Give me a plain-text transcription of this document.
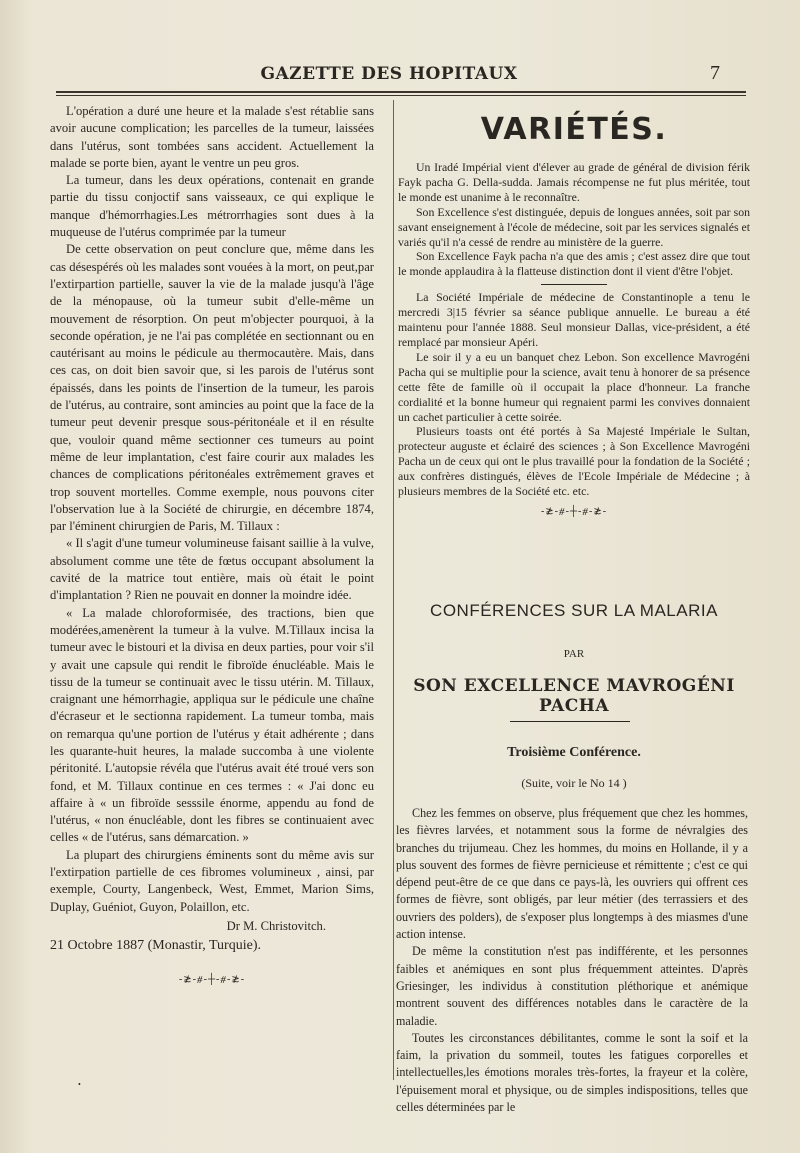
GAZETTE DES HOPITAUX	7

L'opération a duré une heure et la malade s'est rétablie sans avoir aucune complication; les parcelles de la tumeur, laissées dans l'utérus, sont tombées sans accident. Actuellement la malade se porte bien, ayant le ventre un peu gros.

La tumeur, dans les deux opérations, contenait en grande partie du tissu conjoctif sans vaisseaux, ce qui explique le manque d'hémorrhagies.Les métrorrhagies sont dues à la muqueuse de l'utérus comprimée par la tumeur

De cette observation on peut conclure que, même dans les cas désespérés où les malades sont vouées à la mort, on peut,par l'extirpartion partielle, sauver la vie de la malade jusqu'à l'âge de la ménopause, où la tumeur subit d'elle-même un mouvement de résorption. On peut m'objecter pourquoi, à la seconde opération, je ne l'ai pas complétée en sectionnant ou en cautérisant au moins le pédicule au thermocautère. Mais, dans ces cas, on doit bien savoir que, si les parois de l'utérus sont épaissés, dans les points de l'insertion de la tumeur, les parois de l'utérus, au contraire, sont amincies au point que la face de la tumeur peut devenir presque sous-péritonéale et il en résulte que, vouloir quand même sectionner ces tumeurs au point même de leur implantation, c'est faire courir aux malades les chances de complications péritonéales extrêmement graves et trop souvent mortelles. Comme exemple, nous pouvons citer l'observation lue à la Société de chirurgie, en décembre 1874, par l'éminent chirurgien de Paris, M. Tillaux :

« Il s'agit d'une tumeur volumineuse faisant saillie à la vulve, absolument comme une tête de fœtus occupant absolument la cavité de la matrice tout entière, mais où était le point d'implantation ? Rien ne pouvait en donner la moindre idée.

« La malade chloroformisée, des tractions, bien que modérées,amenèrent la tumeur à la vulve. M.Tillaux incisa la tumeur avec le bistouri et la divisa en deux parties, pour voir s'il y avait une capsule qui rendit le fibroïde énucléable. Mais le tissu de la tumeur se continuait avec le tissu utérin. M. Tillaux, craignant une hémorrhagie, appliqua sur le pédicule une chaîne d'écraseur et le sectionna rapidement. La tumeur tomba, mais on remarqua qu'une portion de l'utérus y était adhérente ; dans les quarante-huit heures, la malade succomba à une violente péritonité. L'autopsie révéla que l'utérus avait été troué vers son fond, et M. Tillaux continue en ces termes : « J'ai donc eu affaire à « un fibroïde sesssile énorme, appendu au fond de l'utérus, « non énucléable, dont les fibres se continuaient avec celles « de l'utérus, sans démarcation. »

La plupart des chirurgiens éminents sont du même avis sur l'extirpation partielle de ces fibromes volumineux , ainsi, par exemple, Courty, Langenbeck, West, Emmet, Marion Sims, Duplay, Guéniot, Guyon, Polaillon, etc.

Dr M. Christovitch.

21 Octobre 1887 (Monastir, Turquie).

-≵-⧣-┼-⧣-≵-

•
VARIÉTÉS.

Un Iradé Impérial vient d'élever au grade de général de division férik Fayk pacha G. Della-sudda. Jamais récompense ne fut plus méritée, tout le monde est unanime à le reconnaître.

Son Excellence s'est distinguée, depuis de longues années, soit par son savant enseignement à l'école de médecine, soit par les services signalés et variés qu'il n'a cessé de rendre au ministère de la guerre.

Son Excellence Fayk pacha n'a que des amis ; c'est assez dire que tout le monde applaudira à la flatteuse distinction dont il vient d'être l'objet.

La Société Impériale de médecine de Constantinople a tenu le mercredi 3|15 février sa séance publique annuelle. Le bureau a été maintenu pour l'année 1888. Seul monsieur Dallas, vice-président, a été remplacé par monsieur Apéri.

Le soir il y a eu un banquet chez Lebon. Son excellence Mavrogéni Pacha qui se multiplie pour la science, avait tenu à honorer de sa présence cette fête de famille où il occupait la place d'honneur. La franche cordialité et la bonne humeur qui regnaient parmi les convives donnaient un cachet particulier à cette soirée.

Plusieurs toasts ont été portés à Sa Majesté Impériale le Sultan, protecteur auguste et éclairé des sciences ; à Son Excellence Mavrogéni Pacha un de ceux qui ont le plus travaillé pour la fondation de la Société ; aux confrères distingués, élèves de l'Ecole Impériale de Médecine ; à plusieurs membres de la Société etc. etc.

-≵-⧣-┼-⧣-≵-

CONFÉRENCES SUR LA MALARIA
PAR
SON EXCELLENCE MAVROGÉNI PACHA
Troisième Conférence.
(Suite, voir le No 14 )

Chez les femmes on observe, plus fréquement que chez les hommes, les fièvres larvées, et notamment sous la forme de névralgies des branches du trijumeau. Chez les hommes, du moins en Hollande, il y a plus souvent des formes de fièvre pernicieuse et rémittente ; c'est ce qui dépend peut-être de ce que dans ce pays-là, les ouvriers qui offrent ces formes de fièvre, sont obligés, par leur métier (des terrassiers et des ouvriers des polders), de s'exposer plus longtemps à des miasmes d'une action intense.

De même la constitution n'est pas indifférente, et les personnes faibles et anémiques en sont plus fréquemment atteintes. D'après Griesinger, les individus à constitution pléthorique et anémique montrent souvent des différences notables dans le caractère de la maladie.

Toutes les circonstances débilitantes, comme le sont la soif et la faim, la privation du sommeil, toutes les fatigues corporelles et intellectuelles,les émotions morales très-fortes, la frayeur et la colère, l'épuisement moral et physique, ou de simples indispositions, telles que celles déterminées par le
